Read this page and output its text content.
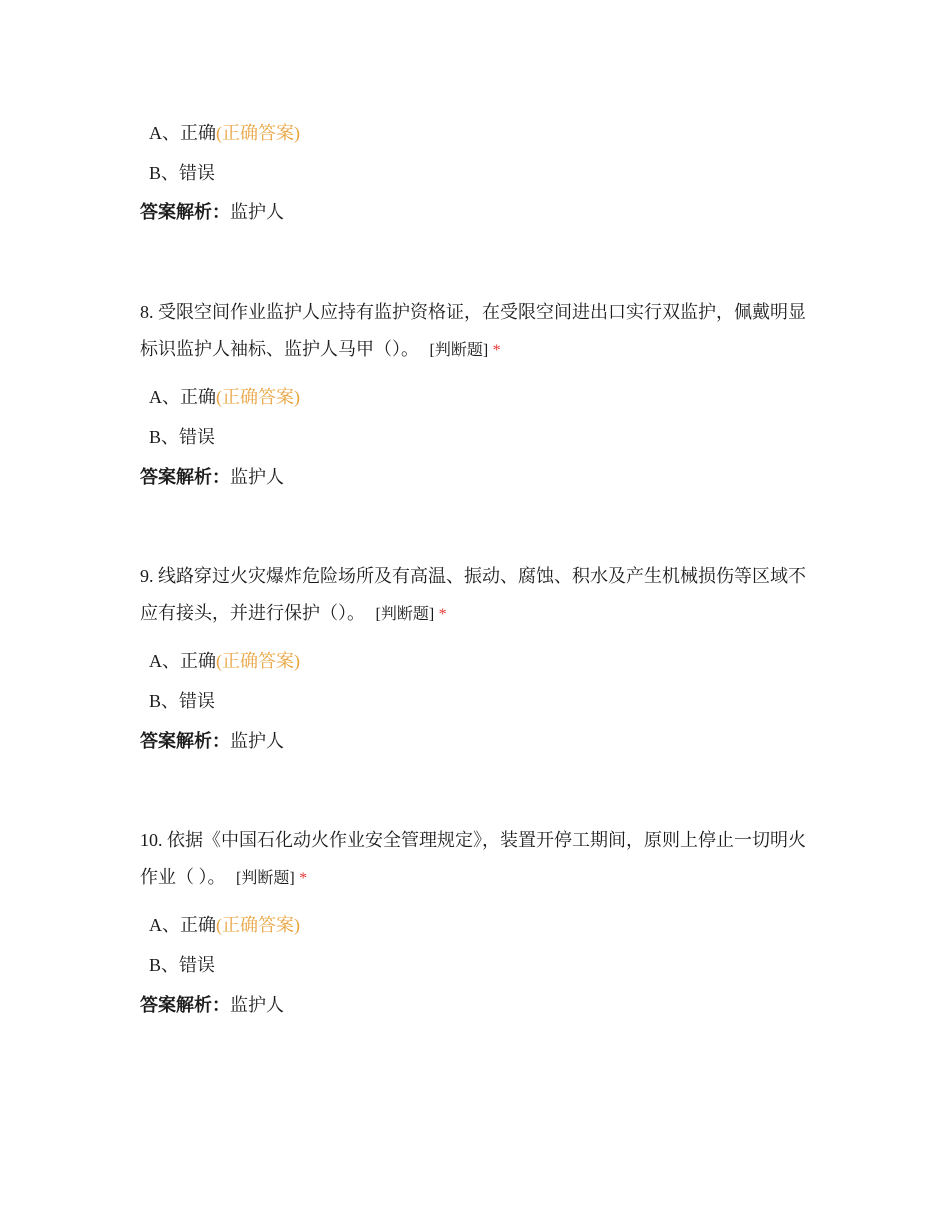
A、正确(正确答案)
B、错误
答案解析：监护人
8. 受限空间作业监护人应持有监护资格证，在受限空间进出口实行双监护，佩戴明显标识监护人袖标、监护人马甲（）。 [判断题] *
A、正确(正确答案)
B、错误
答案解析：监护人
9. 线路穿过火灾爆炸危险场所及有高温、振动、腐蚀、积水及产生机械损伤等区域不应有接头，并进行保护（）。 [判断题] *
A、正确(正确答案)
B、错误
答案解析：监护人
10. 依据《中国石化动火作业安全管理规定》，装置开停工期间，原则上停止一切明火作业（ ）。 [判断题] *
A、正确(正确答案)
B、错误
答案解析：监护人
